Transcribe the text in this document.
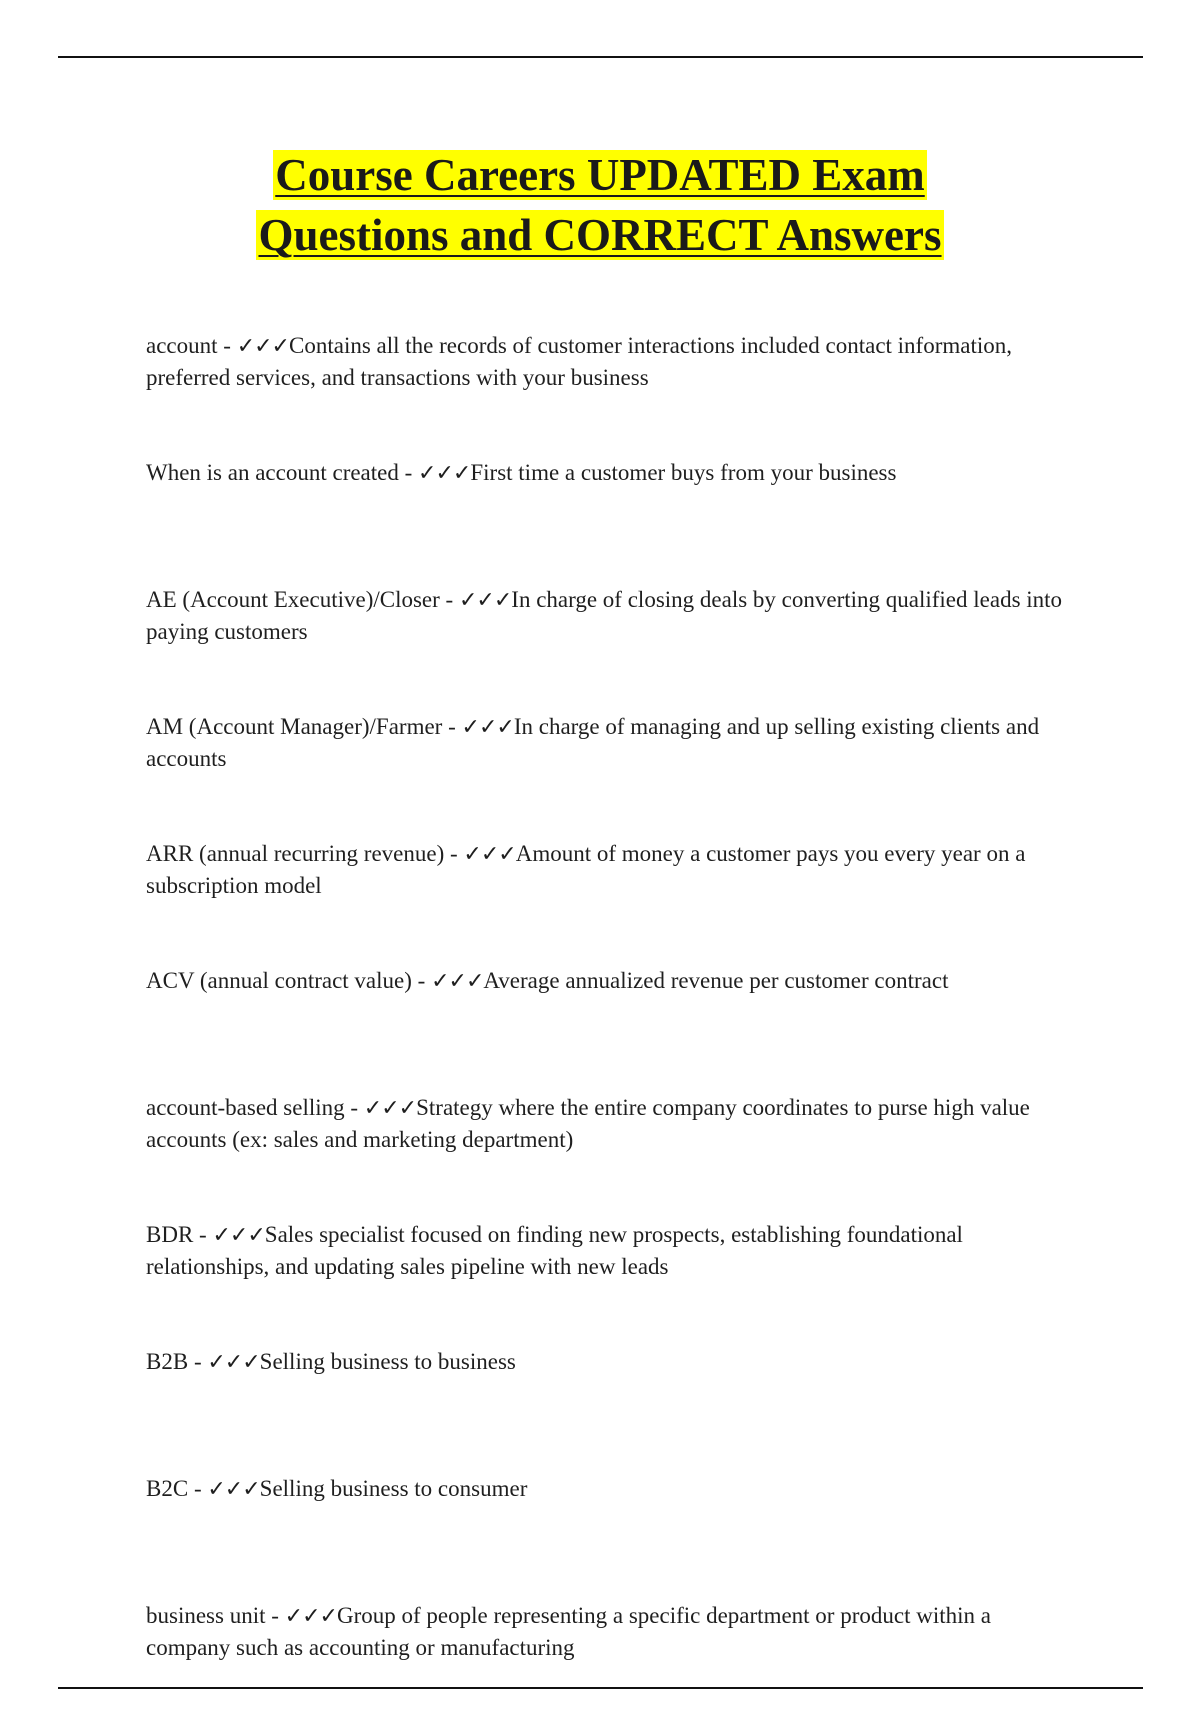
Course Careers UPDATED Exam
Questions and CORRECT Answers

account - ✓✓✓Contains all the records of customer interactions included contact information, preferred services, and transactions with your business

When is an account created - ✓✓✓First time a customer buys from your business

AE (Account Executive)/Closer - ✓✓✓In charge of closing deals by converting qualified leads into paying customers

AM (Account Manager)/Farmer - ✓✓✓In charge of managing and up selling existing clients and accounts

ARR (annual recurring revenue) - ✓✓✓Amount of money a customer pays you every year on a subscription model

ACV (annual contract value) - ✓✓✓Average annualized revenue per customer contract

account-based selling - ✓✓✓Strategy where the entire company coordinates to purse high value accounts (ex: sales and marketing department)

BDR - ✓✓✓Sales specialist focused on finding new prospects, establishing foundational relationships, and updating sales pipeline with new leads

B2B - ✓✓✓Selling business to business

B2C - ✓✓✓Selling business to consumer

business unit - ✓✓✓Group of people representing a specific department or product within a company such as accounting or manufacturing
